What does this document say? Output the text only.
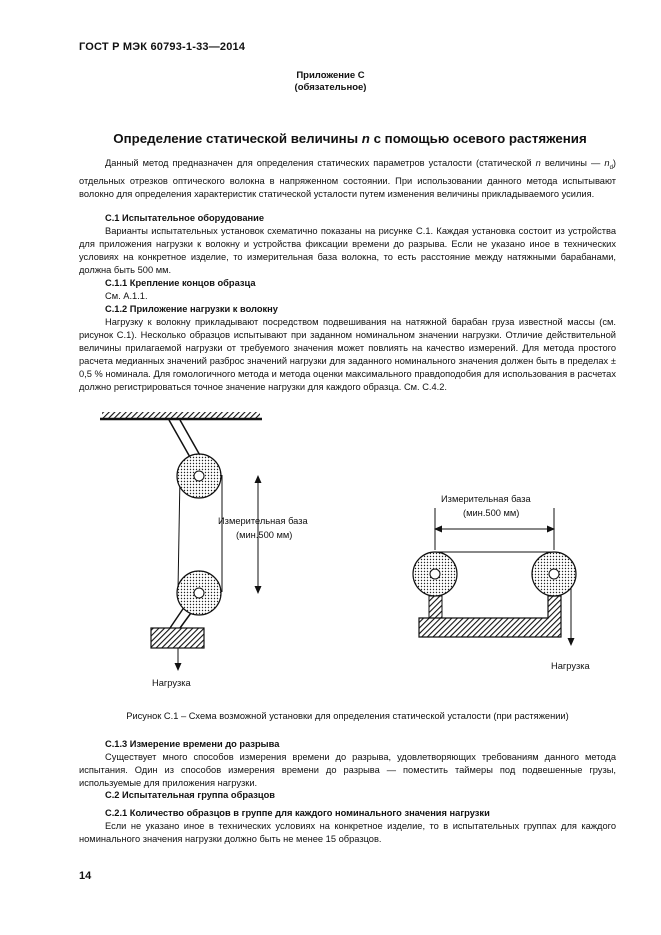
ГОСТ Р МЭК 60793-1-33—2014
Приложение С
(обязательное)
Определение статической величины n с помощью осевого растяжения

Данный метод предназначен для определения статических параметров усталости (статической n величины — $n_d$) отдельных отрезков оптического волокна в напряженном состоянии. При использовании данного метода испытывают волокно для определения характеристик статической усталости путем изменения величины прикладываемого усилия.

С.1 Испытательное оборудование

Варианты испытательных установок схематично показаны на рисунке С.1. Каждая установка состоит из устройства для приложения нагрузки к волокну и устройства фиксации времени до разрыва. Если не указано иное в технических условиях на конкретное изделие, то измерительная база волокна, то есть расстояние между натяжными барабанами, должна быть 500 мм.

С.1.1 Крепление концов образца

См. А.1.1.

С.1.2 Приложение нагрузки к волокну

Нагрузку к волокну прикладывают посредством подвешивания на натяжной барабан груза известной массы (см. рисунок С.1). Несколько образцов испытывают при заданном номинальном значении нагрузки. Отличие действительной величины прилагаемой нагрузки от требуемого значения может повлиять на качество измерений. Для метода простого расчета медианных значений разброс значений нагрузки для заданного номинального значения должен быть в пределах ± 0,5 % номинала. Для гомологичного метода и метода оценки максимального правдоподобия для использования в расчетах должно регистрироваться точное значение нагрузки для каждого образца. См. С.4.2.

Измерительная база
(мин.500 мм)
Нагрузка
Измерительная база
(мин.500 мм)
Нагрузка
Рисунок С.1 – Схема возможной установки для определения статической усталости (при растяжении)

С.1.3 Измерение времени до разрыва

Существует много способов измерения времени до разрыва, удовлетворяющих требованиям данного метода испытания. Один из способов измерения времени до разрыва — поместить таймеры под подвешенные грузы, используемые для приложения нагрузки.

С.2 Испытательная группа образцов

С.2.1 Количество образцов в группе для каждого номинального значения нагрузки

Если не указано иное в технических условиях на конкретное изделие, то в испытательных группах для каждого номинального значения нагрузки должно быть не менее 15 образцов.

14
